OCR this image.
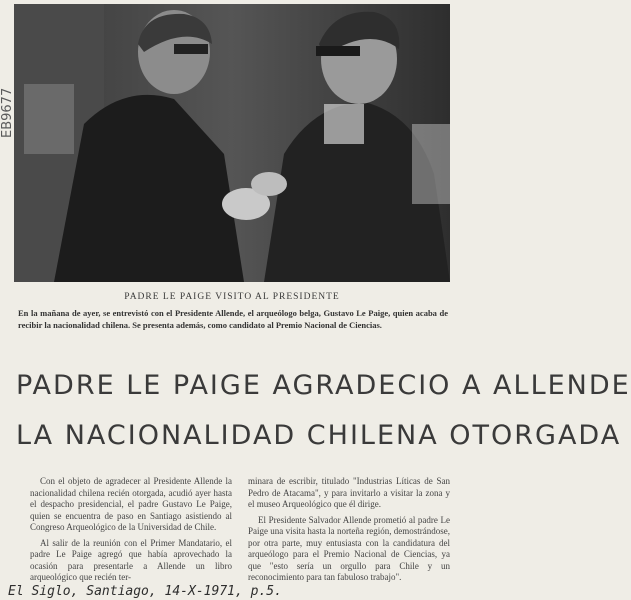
EB9677
PADRE LE PAIGE VISITO AL PRESIDENTE
En la mañana de ayer, se entrevistó con el Presidente Allende, el arqueólogo belga, Gustavo Le Paige, quien acaba de recibir la nacionalidad chilena. Se presenta además, como candidato al Premio Nacional de Ciencias.
PADRE LE PAIGE AGRADECIO A ALLENDE
LA NACIONALIDAD CHILENA OTORGADA

Con el objeto de agradecer al Presidente Allende la nacionalidad chilena recién otorgada, acudió ayer hasta el despacho presidencial, el padre Gustavo Le Paige, quien se encuentra de paso en Santiago asistiendo al Congreso Arqueológico de la Universidad de Chile.

Al salir de la reunión con el Primer Mandatario, el padre Le Paige agregó que había aprovechado la ocasión para presentarle a Allende un libro arqueológico que recién ter-

minara de escribir, titulado "Industrias Líticas de San Pedro de Atacama", y para invitarlo a visitar la zona y el museo Arqueológico que él dirige.

El Presidente Salvador Allende prometió al padre Le Paige una visita hasta la norteña región, demostrándose, por otra parte, muy entusiasta con la candidatura del arqueólogo para el Premio Nacional de Ciencias, ya que "esto sería un orgullo para Chile y un reconocimiento para tan fabuloso trabajo".

El Siglo, Santiago, 14-X-1971, p.5.
